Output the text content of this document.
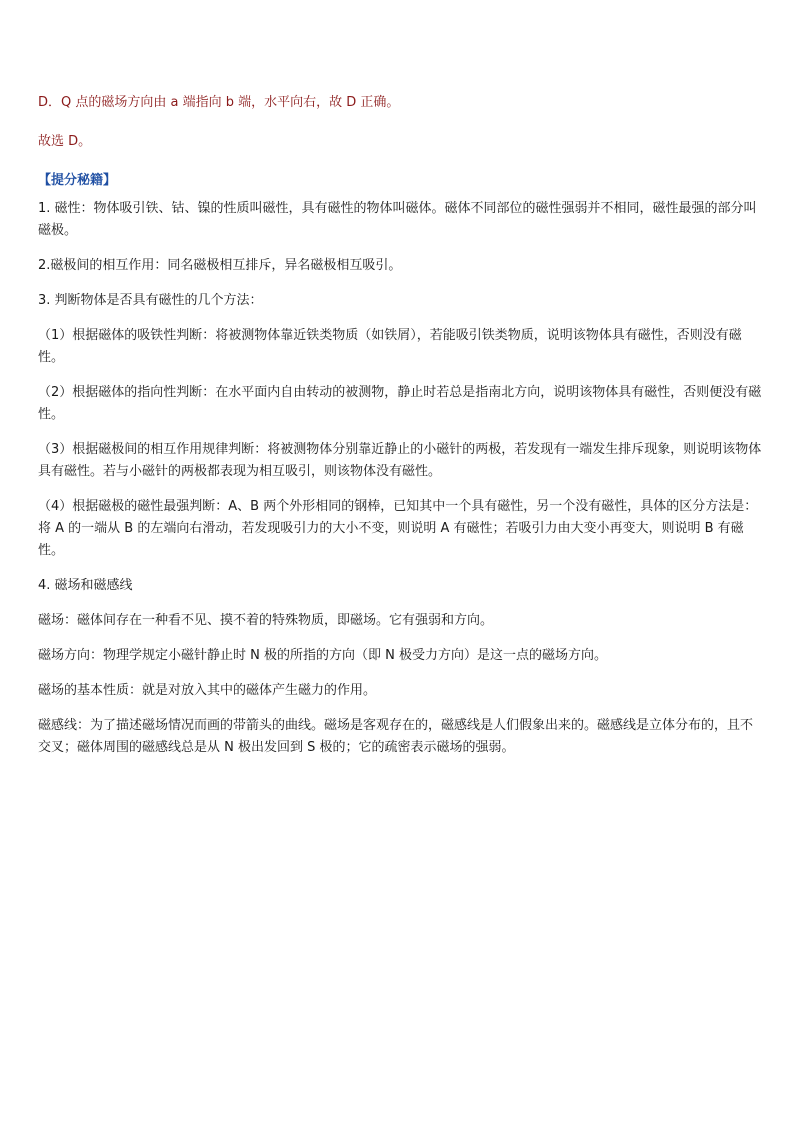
D．Q 点的磁场方向由 a 端指向 b 端，水平向右，故 D 正确。

故选 D。

【提分秘籍】

1. 磁性：物体吸引铁、钴、镍的性质叫磁性，具有磁性的物体叫磁体。磁体不同部位的磁性强弱并不相同，磁性最强的部分叫磁极。

2.磁极间的相互作用：同名磁极相互排斥，异名磁极相互吸引。

3. 判断物体是否具有磁性的几个方法：

（1）根据磁体的吸铁性判断：将被测物体靠近铁类物质（如铁屑），若能吸引铁类物质，说明该物体具有磁性，否则没有磁性。

（2）根据磁体的指向性判断：在水平面内自由转动的被测物，静止时若总是指南北方向，说明该物体具有磁性，否则便没有磁性。

（3）根据磁极间的相互作用规律判断：将被测物体分别靠近静止的小磁针的两极，若发现有一端发生排斥现象，则说明该物体具有磁性。若与小磁针的两极都表现为相互吸引，则该物体没有磁性。

（4）根据磁极的磁性最强判断：A、B 两个外形相同的钢棒，已知其中一个具有磁性，另一个没有磁性，具体的区分方法是：将 A 的一端从 B 的左端向右滑动，若发现吸引力的大小不变，则说明 A 有磁性；若吸引力由大变小再变大，则说明 B 有磁性。

4. 磁场和磁感线

磁场：磁体间存在一种看不见、摸不着的特殊物质，即磁场。它有强弱和方向。

磁场方向：物理学规定小磁针静止时 N 极的所指的方向（即 N 极受力方向）是这一点的磁场方向。

磁场的基本性质：就是对放入其中的磁体产生磁力的作用。

磁感线：为了描述磁场情况而画的带箭头的曲线。磁场是客观存在的，磁感线是人们假象出来的。磁感线是立体分布的，且不交叉；磁体周围的磁感线总是从 N 极出发回到 S 极的；它的疏密表示磁场的强弱。
